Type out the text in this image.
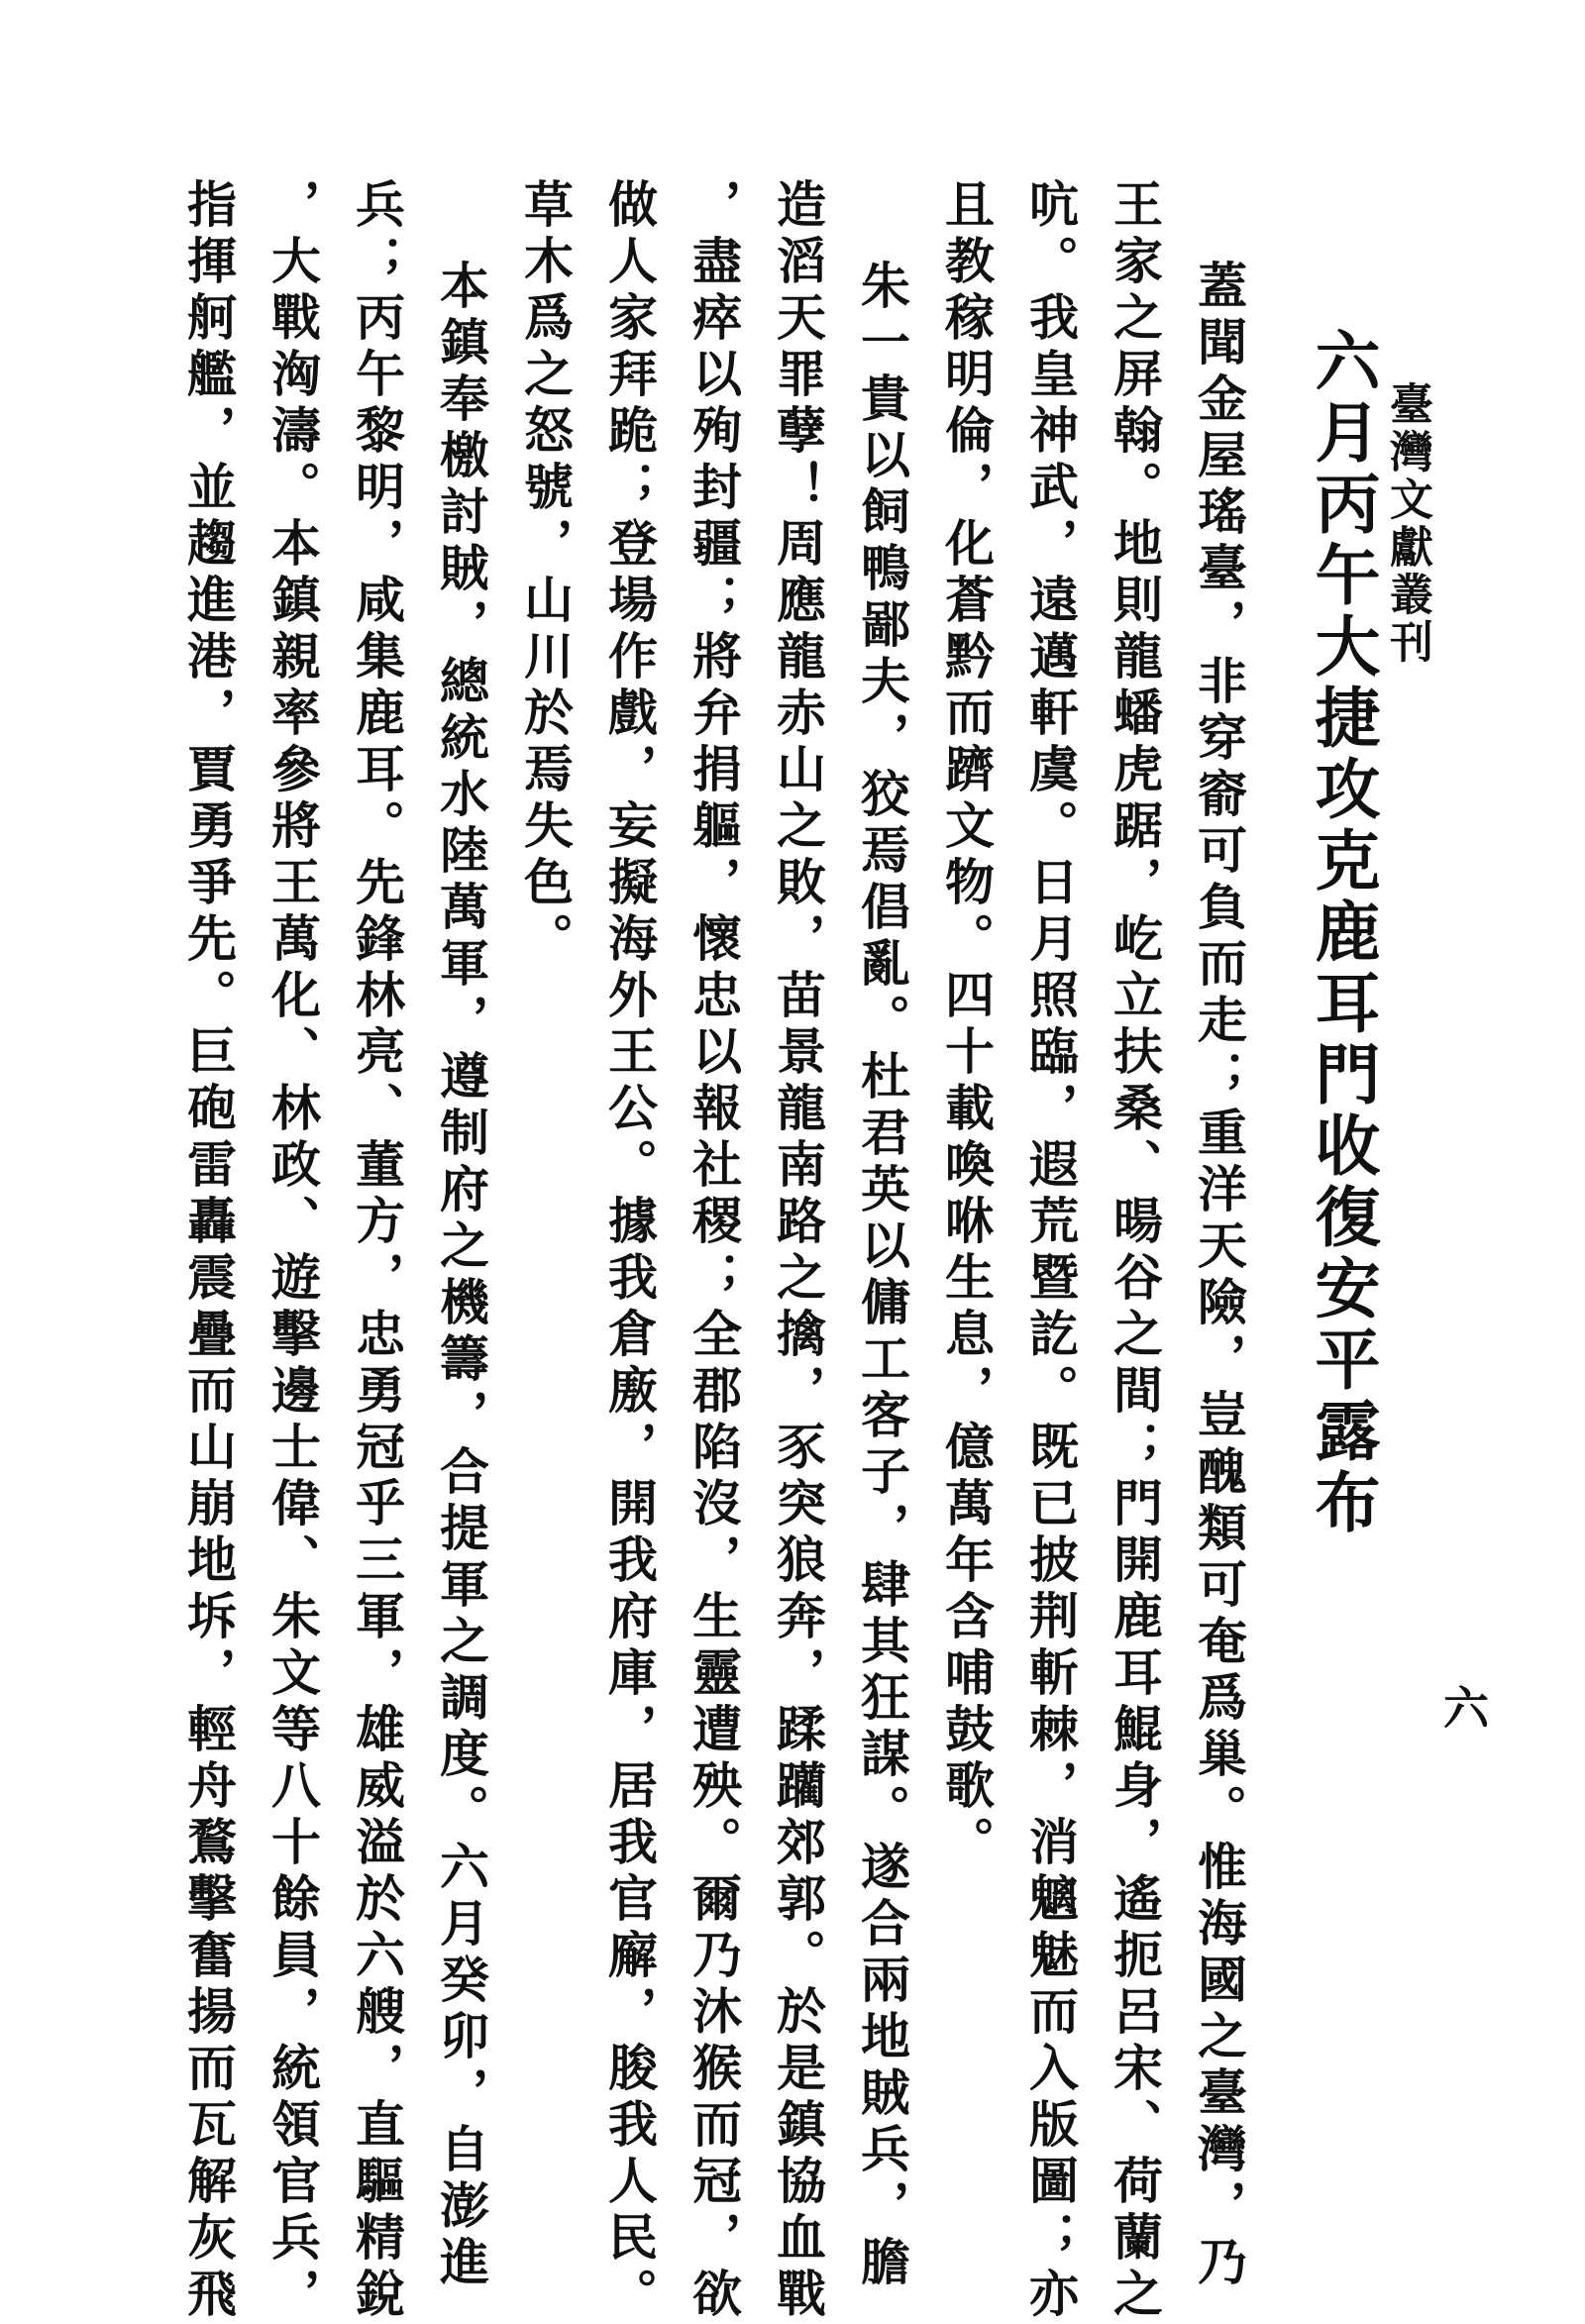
臺灣文獻叢刊
六
六月丙午大捷攻克鹿耳門收復安平露布
蓋聞金屋瑤臺，非穿窬可負而走；重洋天險，豈醜類可奄爲巢。惟海國之臺灣，乃
王家之屏翰。地則龍蟠虎踞，屹立扶桑、暘谷之間；門開鹿耳鯤身，遙扼呂宋、荷蘭之
吭。我皇神武，遠邁軒虞。日月照臨，遐荒暨訖。既已披荆斬棘，消魑魅而入版圖；亦
且教稼明倫，化蒼黔而躋文物。四十載喚咻生息，億萬年含哺鼓歌。
朱一貴以飼鴨鄙夫，狡焉倡亂。杜君英以傭工客子，肆其狂謀。遂合兩地賊兵，膽
造滔天罪孽！周應龍赤山之敗，苗景龍南路之擒，豕突狼奔，蹂躪郊郭。於是鎮協血戰
，盡瘁以殉封疆；將弁捐軀，懷忠以報社稷；全郡陷沒，生靈遭殃。爾乃沐猴而冠，欲
做人家拜跪；登場作戲，妄擬海外王公。據我倉廒，開我府庫，居我官廨，朘我人民。
草木爲之怒號，山川於焉失色。
本鎮奉檄討賊，總統水陸萬軍，遵制府之機籌，合提軍之調度。六月癸卯，自澎進
兵；丙午黎明，咸集鹿耳。先鋒林亮、董方，忠勇冠乎三軍，雄威溢於六艘，直驅精銳
，大戰洶濤。本鎮親率參將王萬化、林政、遊擊邊士偉、朱文等八十餘員，統領官兵，
指揮舸艦，並趨進港，賈勇爭先。巨砲雷轟震疊而山崩地坼，輕舟鶩擊奮揚而瓦解灰飛
